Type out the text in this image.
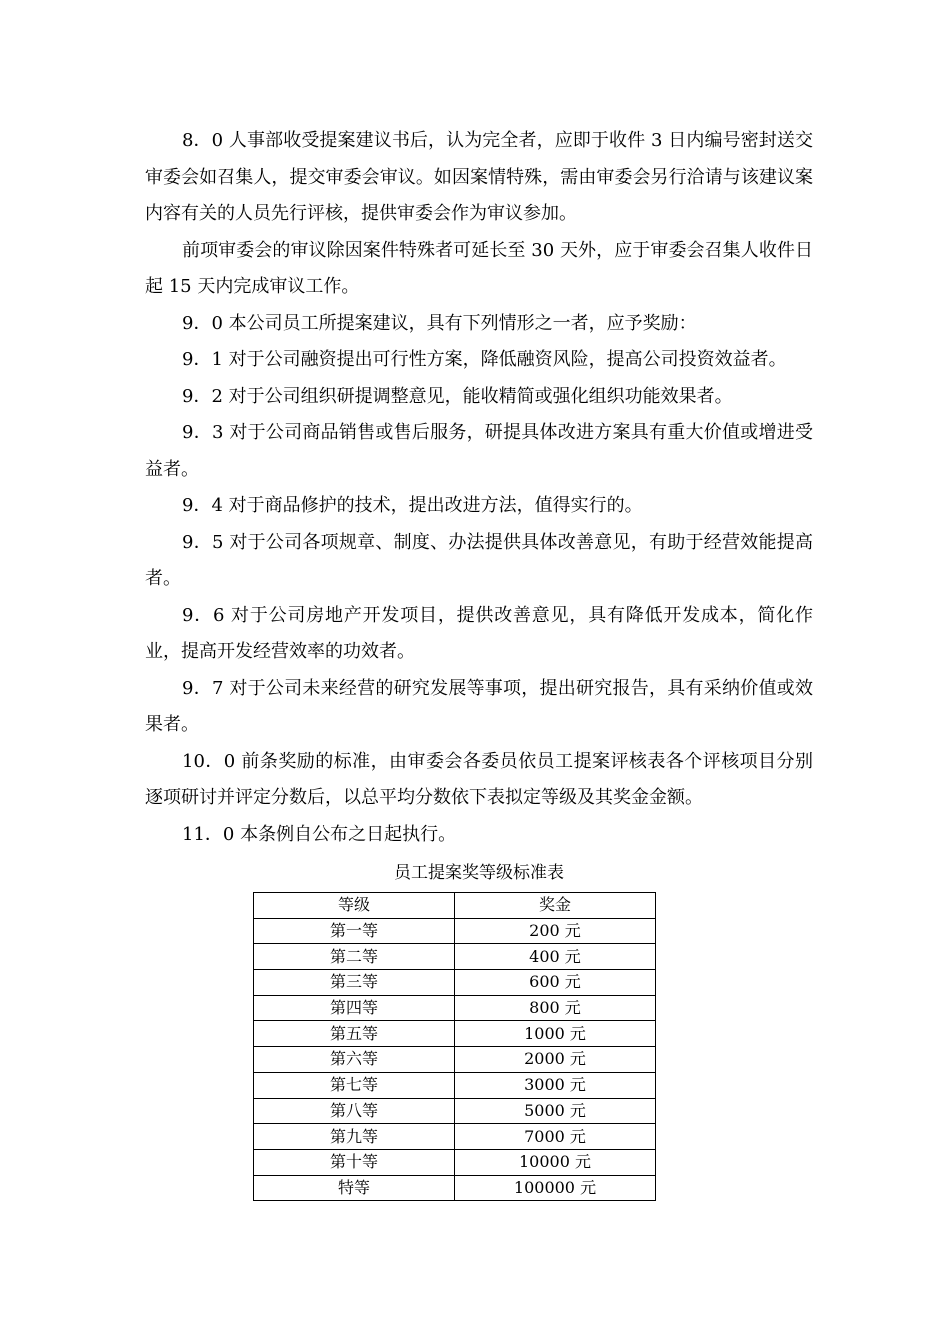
8．0 人事部收受提案建议书后，认为完全者，应即于收件 3 日内编号密封送交审委会如召集人，提交审委会审议。如因案情特殊，需由审委会另行洽请与该建议案内容有关的人员先行评核，提供审委会作为审议参加。

前项审委会的审议除因案件特殊者可延长至 30 天外，应于审委会召集人收件日起 15 天内完成审议工作。

9．0 本公司员工所提案建议，具有下列情形之一者，应予奖励：

9．1 对于公司融资提出可行性方案，降低融资风险，提高公司投资效益者。

9．2 对于公司组织研提调整意见，能收精简或强化组织功能效果者。

9．3 对于公司商品销售或售后服务，研提具体改进方案具有重大价值或增进受益者。

9．4 对于商品修护的技术，提出改进方法，值得实行的。

9．5 对于公司各项规章、制度、办法提供具体改善意见，有助于经营效能提高者。

9．6 对于公司房地产开发项目，提供改善意见，具有降低开发成本，简化作业，提高开发经营效率的功效者。

9．7 对于公司未来经营的研究发展等事项，提出研究报告，具有采纳价值或效果者。

10．0 前条奖励的标准，由审委会各委员依员工提案评核表各个评核项目分别逐项研讨并评定分数后，以总平均分数依下表拟定等级及其奖金金额。

11．0 本条例自公布之日起执行。

员工提案奖等级标准表
等级	奖金
第一等	200 元
第二等	400 元
第三等	600 元
第四等	800 元
第五等	1000 元
第六等	2000 元
第七等	3000 元
第八等	5000 元
第九等	7000 元
第十等	10000 元
特等	100000 元
